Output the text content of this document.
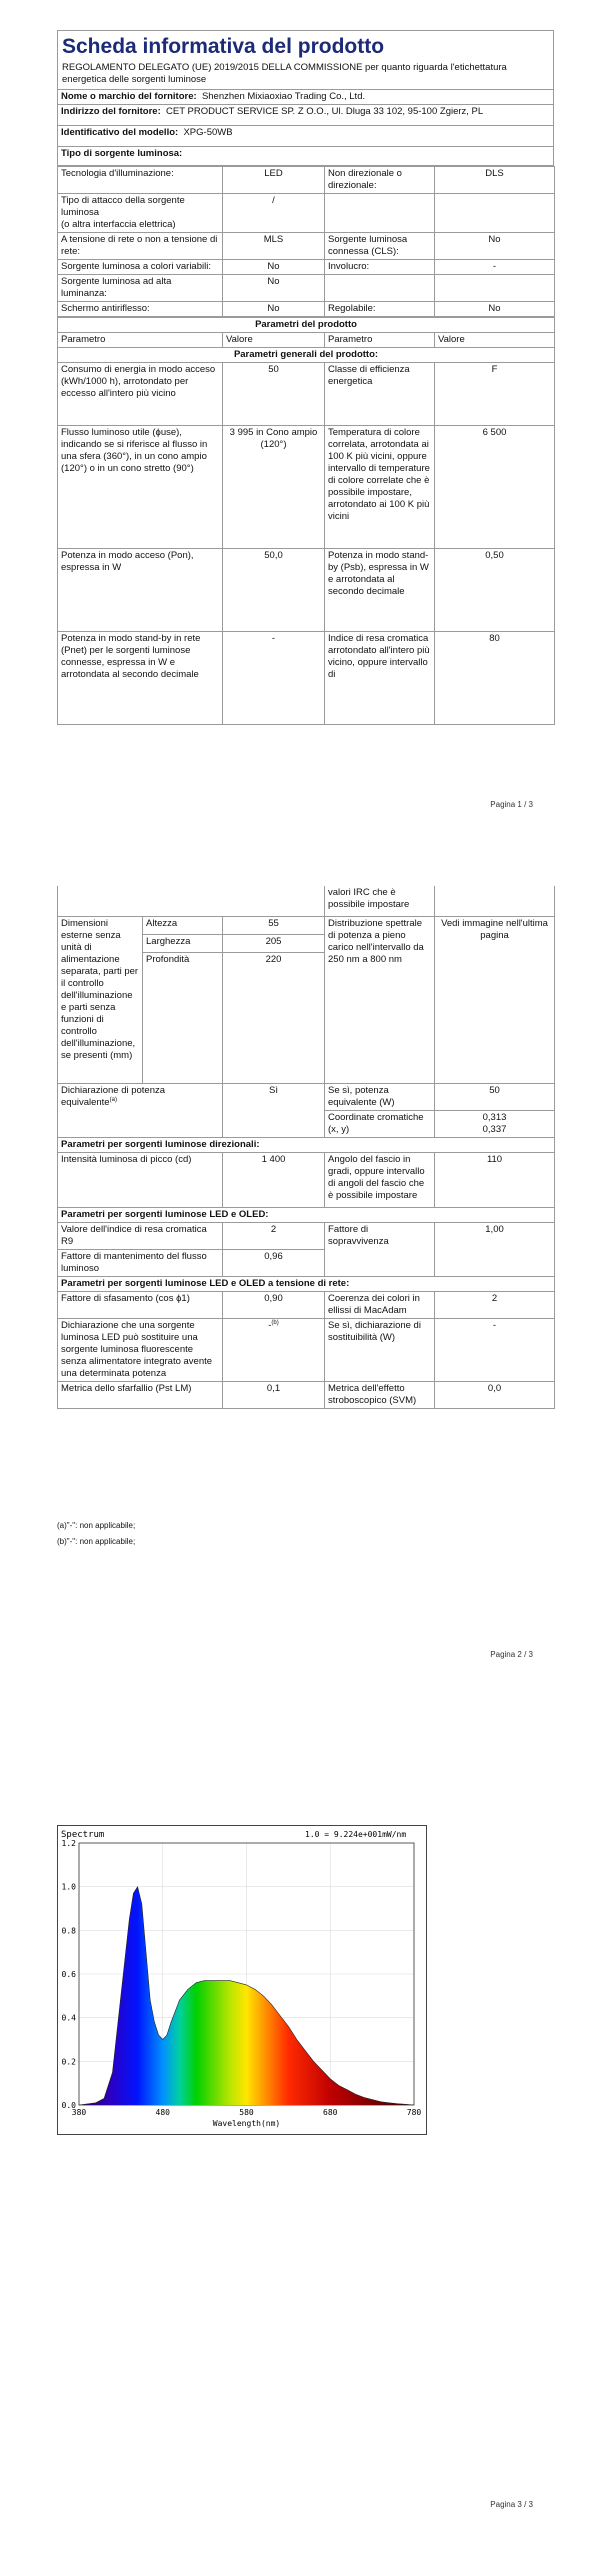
Scheda informativa del prodotto
REGOLAMENTO DELEGATO (UE) 2019/2015 DELLA COMMISSIONE per quanto riguarda l'etichettatura energetica delle sorgenti luminose

Nome o marchio del fornitore: Shenzhen Mixiaoxiao Trading Co., Ltd.
Indirizzo del fornitore: CET PRODUCT SERVICE SP. Z O.O., Ul. Dluga 33 102, 95-100 Zgierz, PL
Identificativo del modello: XPG-50WB
Tipo di sorgente luminosa:
Tecnologia d'illuminazione:	LED	Non direzionale o direzionale:	DLS
Tipo di attacco della sorgente luminosa
(o altra interfaccia elettrica)	/		
A tensione di rete o non a tensione di rete:	MLS	Sorgente luminosa connessa (CLS):	No
Sorgente luminosa a colori variabili:	No	Involucro:	-
Sorgente luminosa ad alta luminanza:	No		
Schermo antiriflesso:	No	Regolabile:	No
Parametri del prodotto			
Parametro	Valore	Parametro	Valore
Parametri generali del prodotto:			
Consumo di energia in modo acceso (kWh/1000 h), arrotondato per eccesso all'intero più vicino	50	Classe di efficienza energetica	F
Flusso luminoso utile (ϕuse), indicando se si riferisce al flusso in una sfera (360°), in un cono ampio (120°) o in un cono stretto (90°)	3 995 in Cono ampio (120°)	Temperatura di colore correlata, arrotondata ai 100 K più vicini, oppure intervallo di temperature di colore correlate che è possibile impostare, arrotondato ai 100 K più vicini	6 500
Potenza in modo acceso (Pon), espressa in W	50,0	Potenza in modo stand-by (Psb), espressa in W e arrotondata al secondo decimale	0,50
Potenza in modo stand-by in rete (Pnet) per le sorgenti luminose connesse, espressa in W e arrotondata al secondo decimale	-	Indice di resa cromatica arrotondato all'intero più vicino, oppure intervallo di	80
Pagina 1 / 3
			valori IRC che è possibile impostare	
Dimensioni esterne senza unità di alimentazione separata, parti per il controllo dell'illuminazione e parti senza funzioni di controllo dell'illuminazione, se presenti (mm)	Altezza	55	Distribuzione spettrale di potenza a pieno carico nell'intervallo da 250 nm a 800 nm	Vedi immagine nell'ultima pagina
	Larghezza	205		
	Profondità	220		
Dichiarazione di potenza equivalente$^{(a)}$		Sì	Se sì, potenza equivalente (W)	50
			Coordinate cromatiche (x, y)	0,313
0,337
Parametri per sorgenti luminose direzionali:				
Intensità luminosa di picco (cd)		1 400	Angolo del fascio in gradi, oppure intervallo di angoli del fascio che è possibile impostare	110
Parametri per sorgenti luminose LED e OLED:				
Valore dell'indice di resa cromatica R9		2	Fattore di sopravvivenza	1,00
Fattore di mantenimento del flusso luminoso		0,96		
Parametri per sorgenti luminose LED e OLED a tensione di rete:				
Fattore di sfasamento (cos ϕ1)		0,90	Coerenza dei colori in ellissi di MacAdam	2
Dichiarazione che una sorgente luminosa LED può sostituire una sorgente luminosa fluorescente senza alimentatore integrato avente una determinata potenza		-$^{(b)}$	Se sì, dichiarazione di sostituibilità (W)	-
Metrica dello sfarfallio (Pst LM)		0,1	Metrica dell'effetto stroboscopico (SVM)	0,0
(a)"-": non applicabile;
(b)"-": non applicabile;
Pagina 2 / 3
Spectrum	1.0 = 9.224e+001mW/nm
0.0
0.2
0.4
0.6
0.8
1.0
1.2
380	480	580	680	780
Wavelength(nm)
Pagina 3 / 3
